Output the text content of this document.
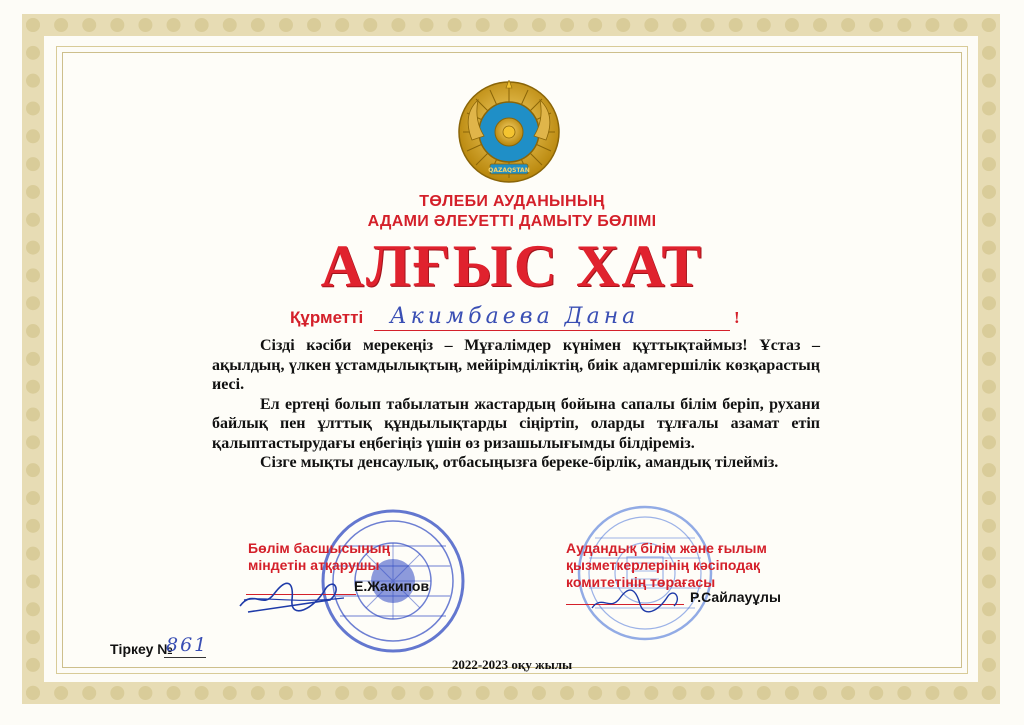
QAZAQSTAN
ТӨЛЕБИ АУДАНЫНЫҢ
АДАМИ ӘЛЕУЕТТІ ДАМЫТУ БӨЛІМІ
АЛҒЫС ХАТ
Құрметті Акимбаева Дана	!

Сізді кәсіби мерекеңіз – Мұғалімдер күнімен құттықтаймыз! Ұстаз – ақылдың, үлкен ұстамдылықтың, мейірімділіктің, биік адамгершілік көзқарастың иесі.

Ел ертеңі болып табылатын жастардың бойына сапалы білім беріп, рухани байлық пен ұлттық құндылықтарды сіңіртіп, оларды тұлғалы азамат етіп қалыптастырудағы еңбегіңіз үшін өз ризашылығымды білдіреміз.

Сізге мықты денсаулық, отбасыңызға береке-бірлік, амандық тілейміз.

Бөлім басшысының
міндетін атқарушы
Е.Жакипов
Аудандық білім және ғылым
қызметкерлерінің кәсіподақ
комитетінің төрағасы
Р.Сайлауұлы
Тіркеу №
861
2022-2023 оқу жылы
